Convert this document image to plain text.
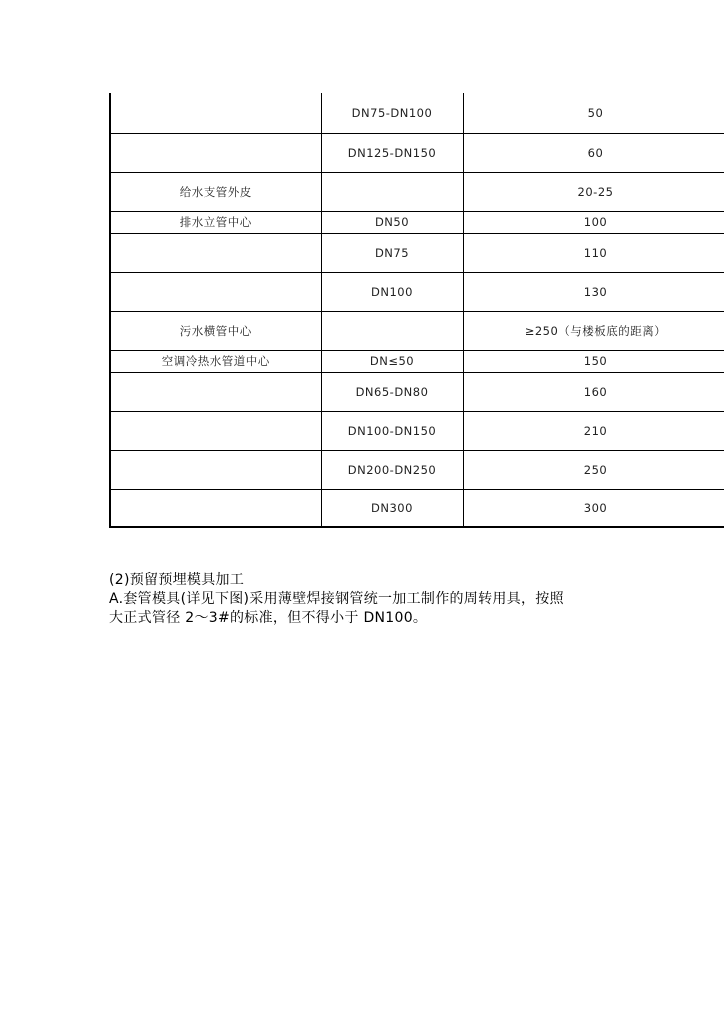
	DN75-DN100	50	
	DN125-DN150	60	
给水支管外皮		20-25	
排水立管中心	DN50	100	
	DN75	110	
	DN100	130	
污水横管中心		≥250（与楼板底的距离）	
空调冷热水管道中心	DN≤50	150	
	DN65-DN80	160	
	DN100-DN150	210	
	DN200-DN250	250	
	DN300	300	
(2)预留预埋模具加工
A.套管模具(详见下图)采用薄壁焊接钢管统一加工制作的周转用具，按照
大正式管径 2～3#的标准，但不得小于 DN100。
